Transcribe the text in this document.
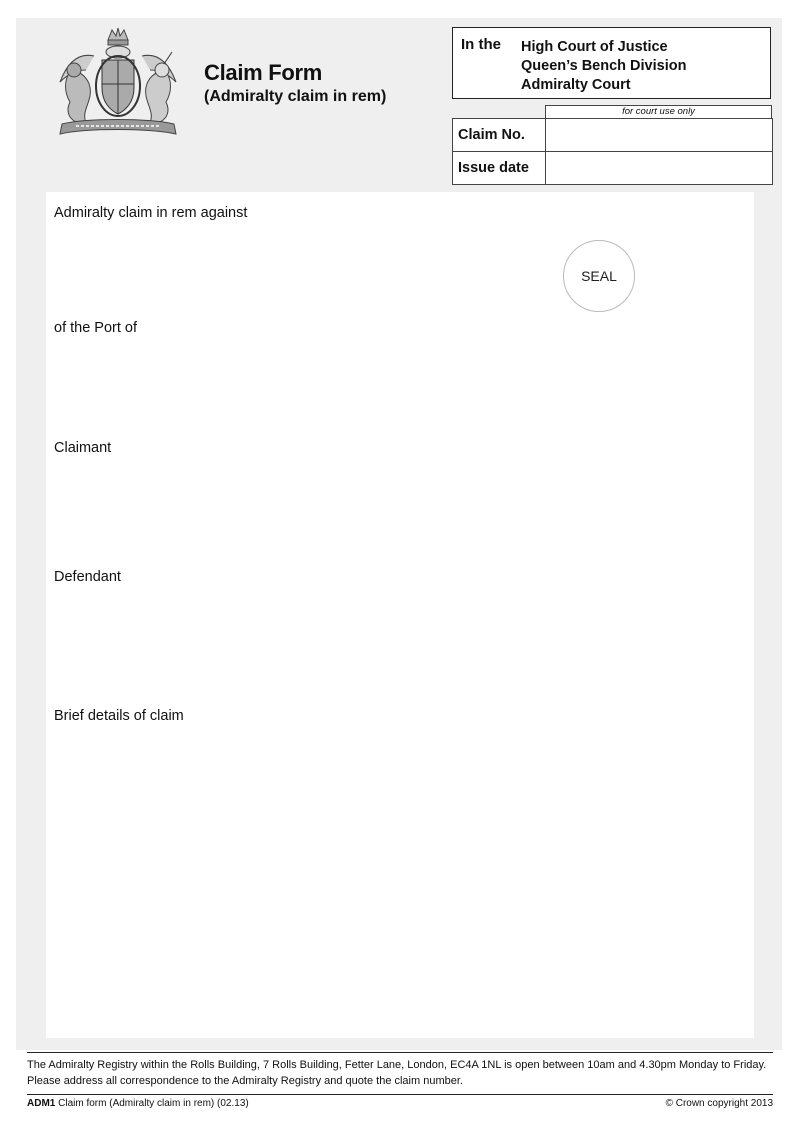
Claim Form
(Admiralty claim in rem)
In the High Court of Justice
Queen’s Bench Division
Admiralty Court
for court use only
Claim No.	
Issue date	

Admiralty claim in rem against

SEAL

of the Port of

Claimant

Defendant

Brief details of claim

The Admiralty Registry within the Rolls Building, 7 Rolls Building, Fetter Lane, London, EC4A 1NL is open between 10am and 4.30pm Monday to Friday. Please address all correspondence to the Admiralty Registry and quote the claim number.

ADM1 Claim form (Admiralty claim in rem) (02.13)	© Crown copyright 2013
